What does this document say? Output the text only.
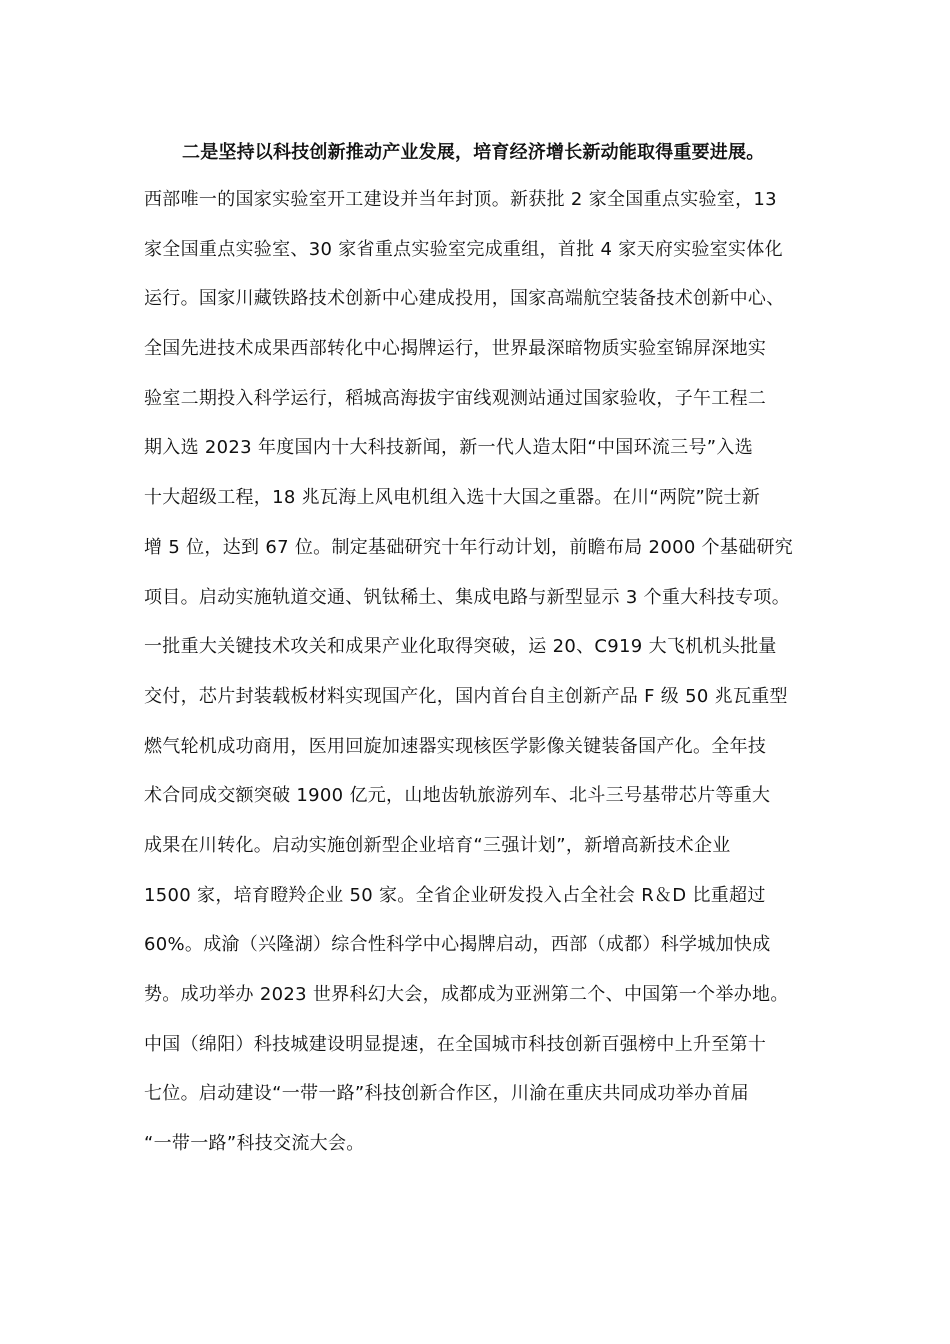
二是坚持以科技创新推动产业发展，培育经济增长新动能取得重要进展。
西部唯一的国家实验室开工建设并当年封顶。新获批 2 家全国重点实验室，13
家全国重点实验室、30 家省重点实验室完成重组，首批 4 家天府实验室实体化
运行。国家川藏铁路技术创新中心建成投用，国家高端航空装备技术创新中心、
全国先进技术成果西部转化中心揭牌运行，世界最深暗物质实验室锦屏深地实
验室二期投入科学运行，稻城高海拔宇宙线观测站通过国家验收，子午工程二
期入选 2023 年度国内十大科技新闻，新一代人造太阳“中国环流三号”入选
十大超级工程，18 兆瓦海上风电机组入选十大国之重器。在川“两院”院士新
增 5 位，达到 67 位。制定基础研究十年行动计划，前瞻布局 2000 个基础研究
项目。启动实施轨道交通、钒钛稀土、集成电路与新型显示 3 个重大科技专项。
一批重大关键技术攻关和成果产业化取得突破，运 20、C919 大飞机机头批量
交付，芯片封装载板材料实现国产化，国内首台自主创新产品 F 级 50 兆瓦重型
燃气轮机成功商用，医用回旋加速器实现核医学影像关键装备国产化。全年技
术合同成交额突破 1900 亿元，山地齿轨旅游列车、北斗三号基带芯片等重大
成果在川转化。启动实施创新型企业培育“三强计划”，新增高新技术企业
1500 家，培育瞪羚企业 50 家。全省企业研发投入占全社会 R＆D 比重超过
60%。成渝（兴隆湖）综合性科学中心揭牌启动，西部（成都）科学城加快成
势。成功举办 2023 世界科幻大会，成都成为亚洲第二个、中国第一个举办地。
中国（绵阳）科技城建设明显提速，在全国城市科技创新百强榜中上升至第十
七位。启动建设“一带一路”科技创新合作区，川渝在重庆共同成功举办首届
“一带一路”科技交流大会。
